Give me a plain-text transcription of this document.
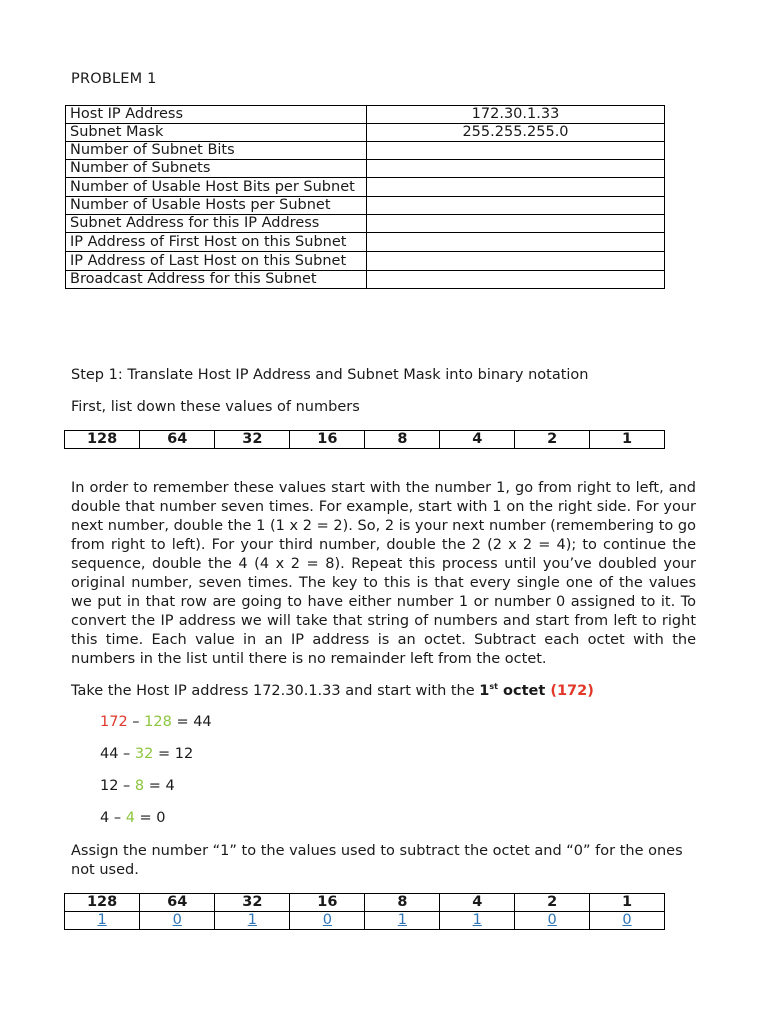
PROBLEM 1
Host IP Address	172.30.1.33
Subnet Mask	255.255.255.0
Number of Subnet Bits	
Number of Subnets	
Number of Usable Host Bits per Subnet	
Number of Usable Hosts per Subnet	
Subnet Address for this IP Address	
IP Address of First Host on this Subnet	
IP Address of Last Host on this Subnet	
Broadcast Address for this Subnet	
Step 1: Translate Host IP Address and Subnet Mask into binary notation
First, list down these values of numbers
128	64	32	16	8	4	2	1
In order to remember these values start with the number 1, go from right to left, and double that number seven times. For example, start with 1 on the right side. For your next number, double the 1 (1 x 2 = 2). So, 2 is your next number (remembering to go from right to left). For your third number, double the 2 (2 x 2 = 4); to continue the sequence, double the 4 (4 x 2 = 8). Repeat this process until you’ve doubled your original number, seven times. The key to this is that every single one of the values we put in that row are going to have either number 1 or number 0 assigned to it. To convert the IP address we will take that string of numbers and start from left to right this time. Each value in an IP address is an octet. Subtract each octet with the numbers in the list until there is no remainder left from the octet.
Take the Host IP address 172.30.1.33 and start with the 1st octet (172)
172 – 128 = 44
44 – 32 = 12
12 – 8 = 4
4 – 4 = 0
Assign the number “1” to the values used to subtract the octet and “0” for the ones not used.
128	64	32	16	8	4	2	1
1	0	1	0	1	1	0	0
